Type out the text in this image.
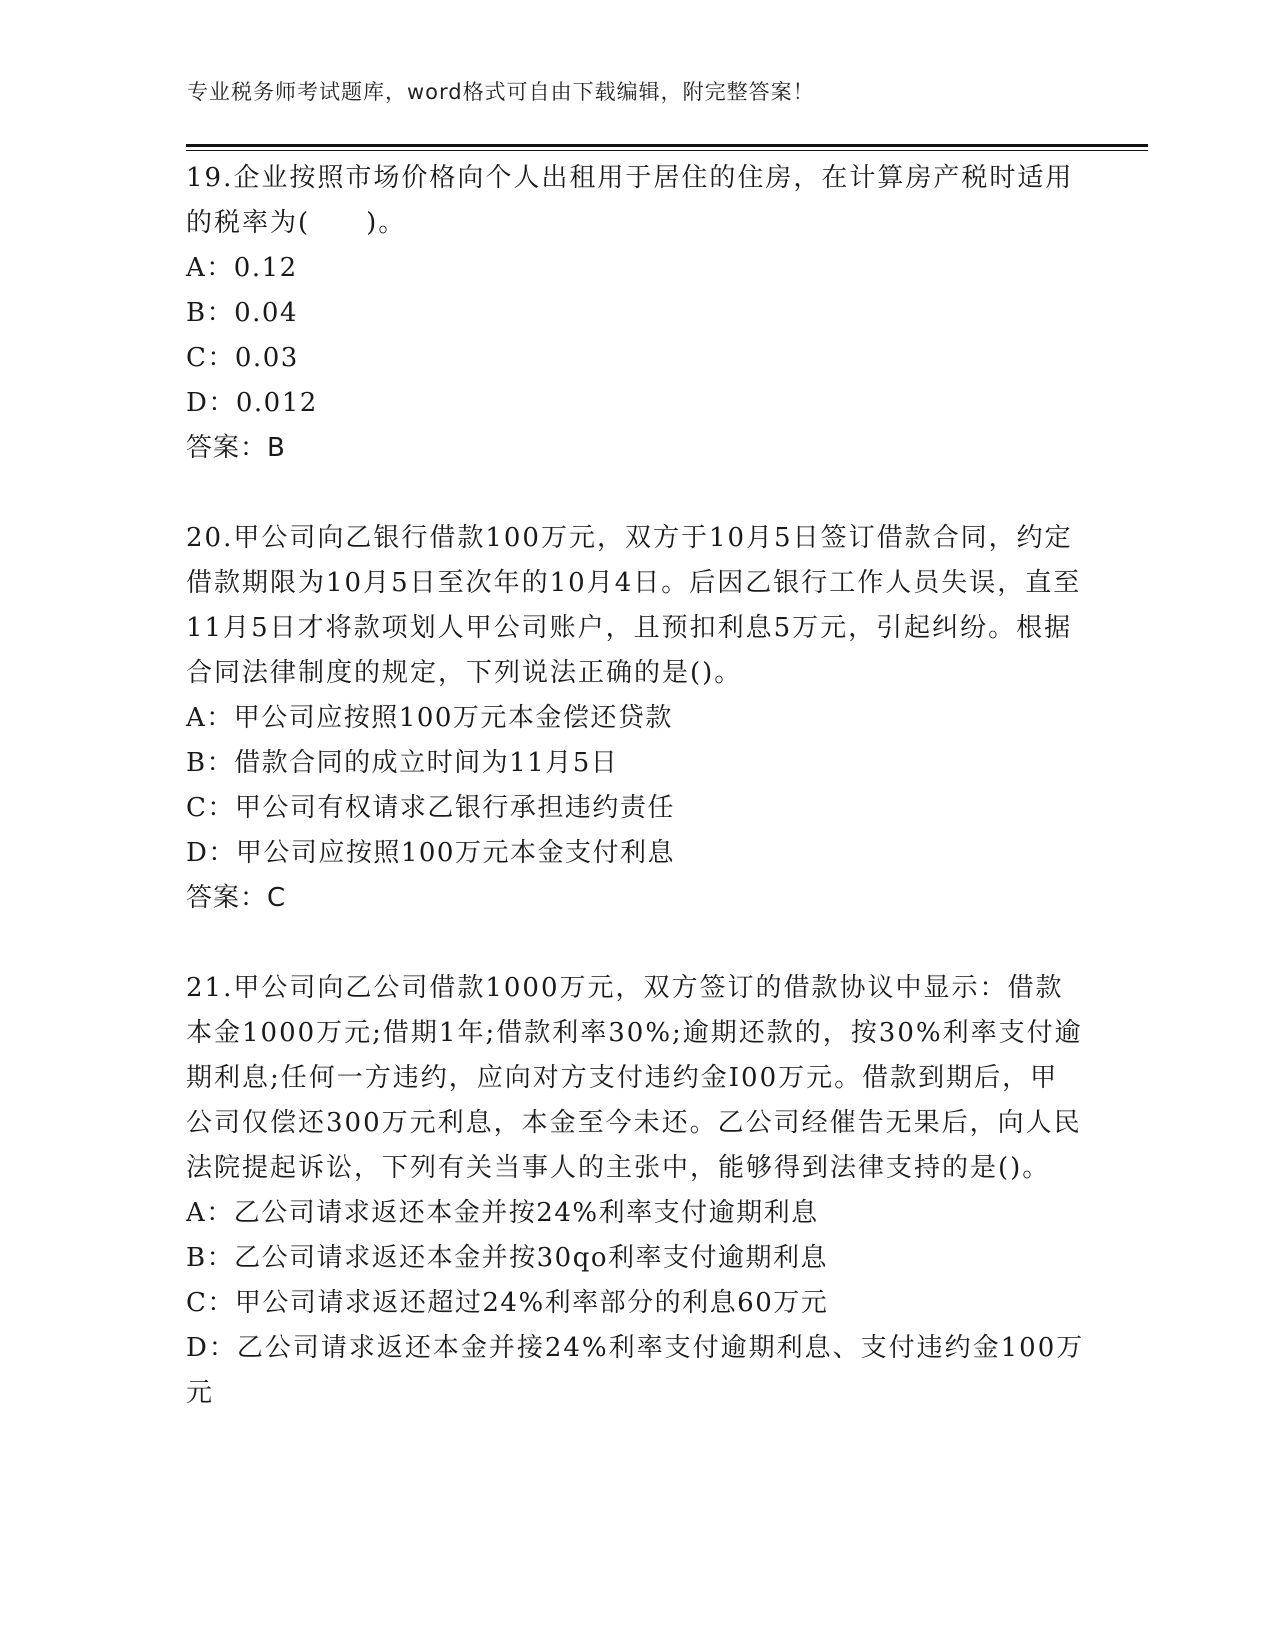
专业税务师考试题库，word格式可自由下载编辑，附完整答案！

19.企业按照市场价格向个人出租用于居住的住房，在计算房产税时适用的税率为(　　)。

A：0.12

B：0.04

C：0.03

D：0.012

答案：B

20.甲公司向乙银行借款100万元，双方于10月5日签订借款合同，约定借款期限为10月5日至次年的10月4日。后因乙银行工作人员失误，直至11月5日才将款项划人甲公司账户，且预扣利息5万元，引起纠纷。根据合同法律制度的规定，下列说法正确的是()。

A：甲公司应按照100万元本金偿还贷款

B：借款合同的成立时间为11月5日

C：甲公司有权请求乙银行承担违约责任

D：甲公司应按照100万元本金支付利息

答案：C

21.甲公司向乙公司借款1000万元，双方签订的借款协议中显示：借款本金1000万元;借期1年;借款利率30%;逾期还款的，按30%利率支付逾期利息;任何一方违约，应向对方支付违约金I00万元。借款到期后，甲公司仅偿还300万元利息，本金至今未还。乙公司经催告无果后，向人民法院提起诉讼，下列有关当事人的主张中，能够得到法律支持的是()。

A：乙公司请求返还本金并按24%利率支付逾期利息

B：乙公司请求返还本金并按30qo利率支付逾期利息

C：甲公司请求返还超过24%利率部分的利息60万元

D：乙公司请求返还本金并接24%利率支付逾期利息、支付违约金100万元
